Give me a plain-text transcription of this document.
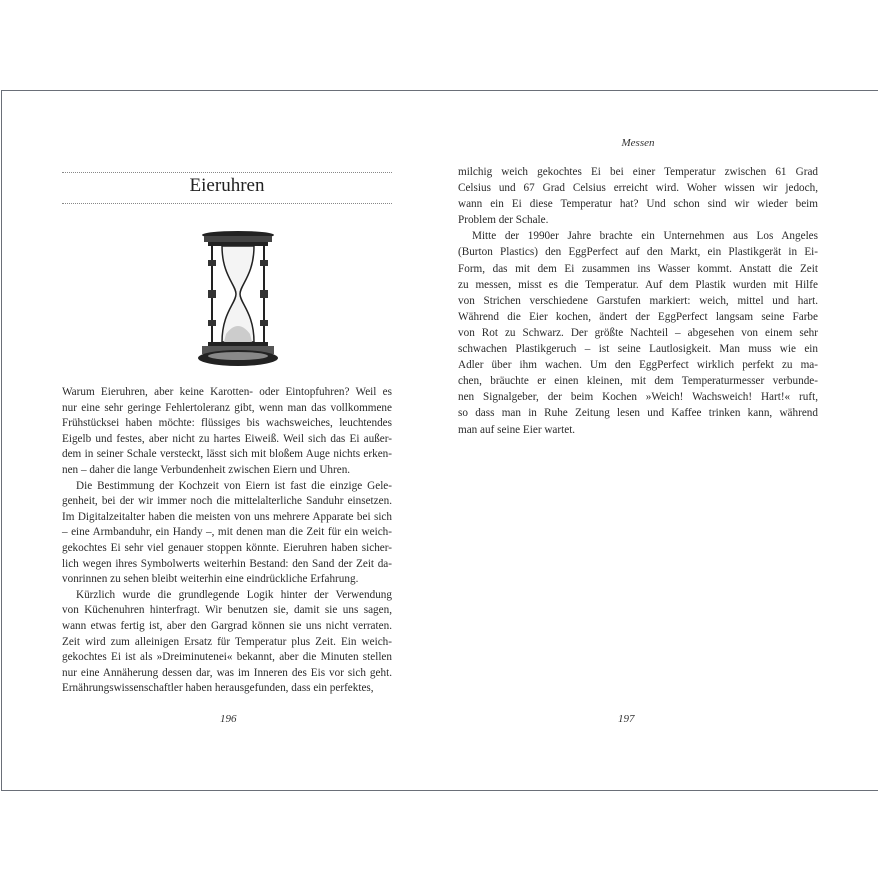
Eieruhren
Warum Eieruhren, aber keine Karotten- oder Eintopfuhren? Weil es
nur eine sehr geringe Fehlertoleranz gibt, wenn man das vollkommene
Frühstücksei haben möchte: flüssiges bis wachsweiches, leuchtendes
Eigelb und festes, aber nicht zu hartes Eiweiß. Weil sich das Ei außer-
dem in seiner Schale versteckt, lässt sich mit bloßem Auge nichts erken-
nen – daher die lange Verbundenheit zwischen Eiern und Uhren.
Die Bestimmung der Kochzeit von Eiern ist fast die einzige Gele-
genheit, bei der wir immer noch die mittelalterliche Sanduhr einsetzen.
Im Digitalzeitalter haben die meisten von uns mehrere Apparate bei sich
– eine Armbanduhr, ein Handy –, mit denen man die Zeit für ein weich-
gekochtes Ei sehr viel genauer stoppen könnte. Eieruhren haben sicher-
lich wegen ihres Symbolwerts weiterhin Bestand: den Sand der Zeit da-
vonrinnen zu sehen bleibt weiterhin eine eindrückliche Erfahrung.
Kürzlich wurde die grundlegende Logik hinter der Verwendung
von Küchenuhren hinterfragt. Wir benutzen sie, damit sie uns sagen,
wann etwas fertig ist, aber den Gargrad können sie uns nicht verraten.
Zeit wird zum alleinigen Ersatz für Temperatur plus Zeit. Ein weich-
gekochtes Ei ist als »Dreiminutenei« bekannt, aber die Minuten stellen
nur eine Annäherung dessen dar, was im Inneren des Eis vor sich geht.
Ernährungswissenschaftler haben herausgefunden, dass ein perfektes,
196
Messen
milchig weich gekochtes Ei bei einer Temperatur zwischen 61 Grad
Celsius und 67 Grad Celsius erreicht wird. Woher wissen wir jedoch,
wann ein Ei diese Temperatur hat? Und schon sind wir wieder beim
Problem der Schale.
Mitte der 1990er Jahre brachte ein Unternehmen aus Los Angeles
(Burton Plastics) den EggPerfect auf den Markt, ein Plastikgerät in Ei-
Form, das mit dem Ei zusammen ins Wasser kommt. Anstatt die Zeit
zu messen, misst es die Temperatur. Auf dem Plastik wurden mit Hilfe
von Strichen verschiedene Garstufen markiert: weich, mittel und hart.
Während die Eier kochen, ändert der EggPerfect langsam seine Farbe
von Rot zu Schwarz. Der größte Nachteil – abgesehen von einem sehr
schwachen Plastikgeruch – ist seine Lautlosigkeit. Man muss wie ein
Adler über ihm wachen. Um den EggPerfect wirklich perfekt zu ma-
chen, bräuchte er einen kleinen, mit dem Temperaturmesser verbunde-
nen Signalgeber, der beim Kochen »Weich! Wachsweich! Hart!« ruft,
so dass man in Ruhe Zeitung lesen und Kaffee trinken kann, während
man auf seine Eier wartet.
197
